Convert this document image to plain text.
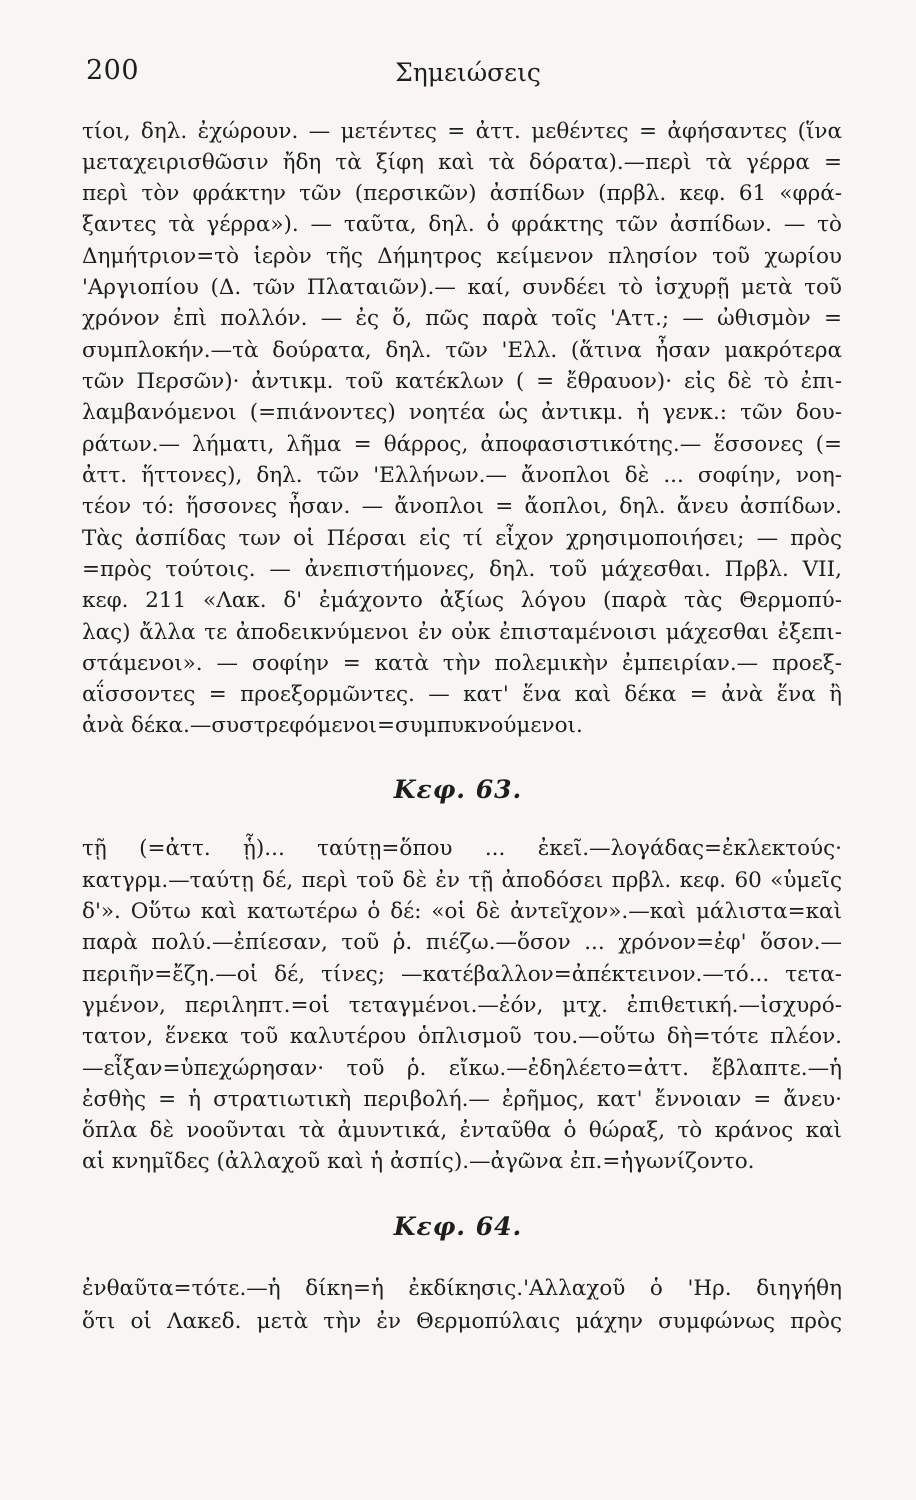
200	Σημειώσεις
τίοι, δηλ. ἐχώρουν. — μετέντες = ἀττ. μεθέντες = ἀφήσαντες (ἵνα
μεταχειρισθῶσιν ἤδη τὰ ξίφη καὶ τὰ δόρατα).—περὶ τὰ γέρρα =
περὶ τὸν φράκτην τῶν (περσικῶν) ἀσπίδων (πρβλ. κεφ. 61 «φρά-
ξαντες τὰ γέρρα»). — ταῦτα, δηλ. ὁ φράκτης τῶν ἀσπίδων. — τὸ
Δημήτριον=τὸ ἱερὸν τῆς Δήμητρος κείμενον πλησίον τοῦ χωρίου
'Αργιοπίου (Δ. τῶν Πλαταιῶν).— καί, συνδέει τὸ ἰσχυρῇ μετὰ τοῦ
χρόνον ἐπὶ πολλόν. — ἐς ὅ, πῶς παρὰ τοῖς 'Αττ.; — ὠθισμὸν =
συμπλοκήν.—τὰ δούρατα, δηλ. τῶν 'Ελλ. (ἅτινα ἦσαν μακρότερα
τῶν Περσῶν)· ἀντικμ. τοῦ κατέκλων ( = ἔθραυον)· εἰς δὲ τὸ ἐπι-
λαμβανόμενοι (=πιάνοντες) νοητέα ὡς ἀντικμ. ἡ γενκ.: τῶν δου-
ράτων.— λήματι, λῆμα = θάρρος, ἀποφασιστικότης.— ἕσσονες (=
ἀττ. ἥττονες), δηλ. τῶν 'Ελλήνων.— ἄνοπλοι δὲ ... σοφίην, νοη-
τέον τό: ἥσσονες ἦσαν. — ἄνοπλοι = ἄοπλοι, δηλ. ἄνευ ἀσπίδων.
Τὰς ἀσπίδας των οἱ Πέρσαι εἰς τί εἶχον χρησιμοποιήσει; — πρὸς
=πρὸς τούτοις. — ἀνεπιστήμονες, δηλ. τοῦ μάχεσθαι. Πρβλ. VII,
κεφ. 211 «Λακ. δ' ἐμάχοντο ἀξίως λόγου (παρὰ τὰς Θερμοπύ-
λας) ἄλλα τε ἀποδεικνύμενοι ἐν οὐκ ἐπισταμένοισι μάχεσθαι ἐξεπι-
στάμενοι». — σοφίην = κατὰ τὴν πολεμικὴν ἐμπειρίαν.— προεξ-
αΐσσοντες = προεξορμῶντες. — κατ' ἕνα καὶ δέκα = ἀνὰ ἕνα ἢ
ἀνὰ δέκα.—συστρεφόμενοι=συμπυκνούμενοι.
Κεφ. 63.
τῇ (=ἀττ. ᾗ)... ταύτῃ=ὅπου ... ἐκεῖ.—λογάδας=ἐκλεκτούς·
κατγρμ.—ταύτῃ δέ, περὶ τοῦ δὲ ἐν τῇ ἀποδόσει πρβλ. κεφ. 60 «ὑμεῖς
δ'». Οὕτω καὶ κατωτέρω ὁ δέ: «οἱ δὲ ἀντεῖχον».—καὶ μάλιστα=καὶ
παρὰ πολύ.—ἐπίεσαν, τοῦ ῥ. πιέζω.—ὅσον ... χρόνον=ἐφ' ὅσον.—
περιῆν=ἔζη.—οἱ δέ, τίνες; —κατέβαλλον=ἀπέκτεινον.—τό... τετα-
γμένον, περιληπτ.=οἱ τεταγμένοι.—ἐόν, μτχ. ἐπιθετική.—ἰσχυρό-
τατον, ἕνεκα τοῦ καλυτέρου ὁπλισμοῦ του.—οὕτω δὴ=τότε πλέον.
—εἶξαν=ὑπεχώρησαν· τοῦ ῥ. εἴκω.—ἐδηλέετο=ἀττ. ἔβλαπτε.—ἡ
ἐσθὴς = ἡ στρατιωτικὴ περιβολή.— ἐρῆμος, κατ' ἔννοιαν = ἄνευ·
ὅπλα δὲ νοοῦνται τὰ ἀμυντικά, ἐνταῦθα ὁ θώραξ, τὸ κράνος καὶ
αἱ κνημῖδες (ἀλλαχοῦ καὶ ἡ ἀσπίς).—ἀγῶνα ἐπ.=ἠγωνίζοντο.
Κεφ. 64.
ἐνθαῦτα=τότε.—ἡ δίκη=ἡ ἐκδίκησις.'Αλλαχοῦ ὁ 'Ηρ. διηγήθη
ὅτι οἱ Λακεδ. μετὰ τὴν ἐν Θερμοπύλαις μάχην συμφώνως πρὸς
